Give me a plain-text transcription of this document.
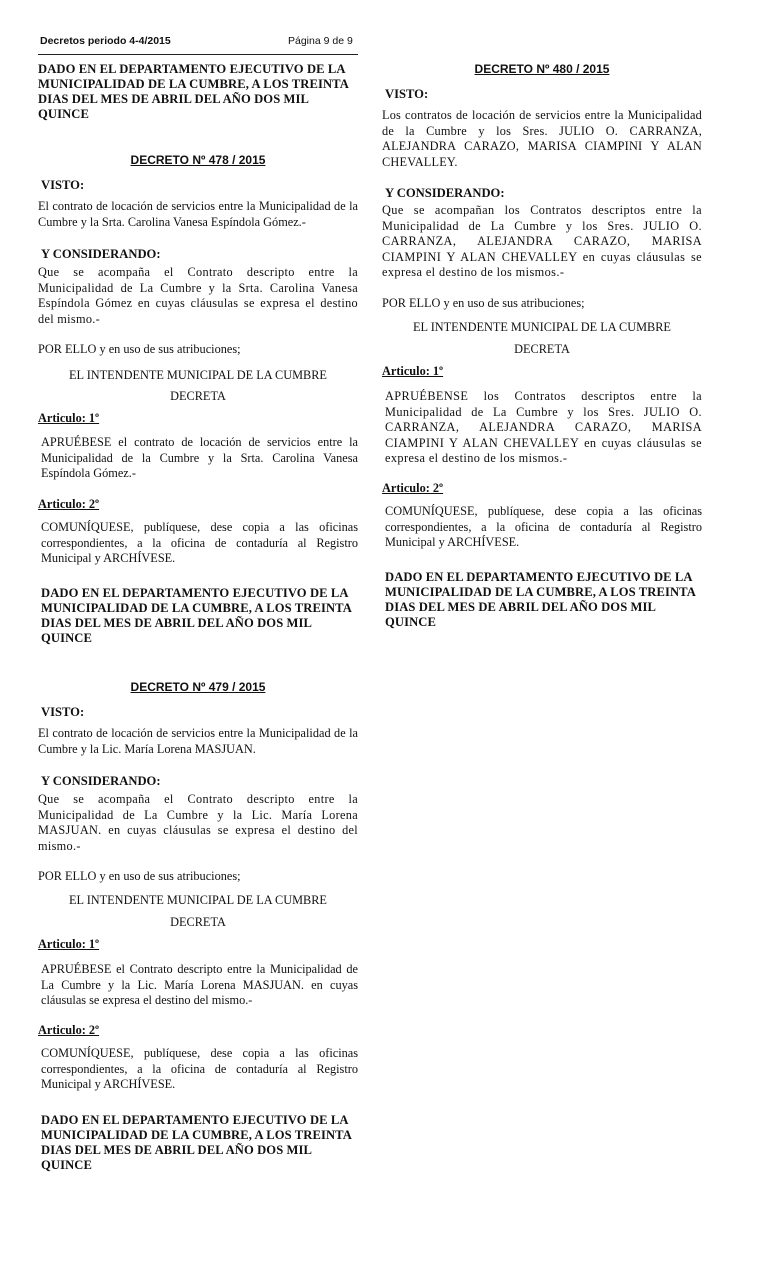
Decretos periodo 4-4/2015	Página 9 de 9
DADO EN EL DEPARTAMENTO EJECUTIVO DE LA MUNICIPALIDAD DE LA CUMBRE, A LOS TREINTA DIAS DEL MES DE ABRIL DEL AÑO DOS MIL QUINCE
DECRETO Nº 478 / 2015
VISTO:
El contrato de locación de servicios entre la Municipalidad de la Cumbre y la Srta. Carolina Vanesa Espíndola Gómez.-
Y CONSIDERANDO:
Que se acompaña el Contrato descripto entre la Municipalidad de La Cumbre y la Srta. Carolina Vanesa Espíndola Gómez en cuyas cláusulas se expresa el destino del mismo.-
POR ELLO y en uso de sus atribuciones;
EL INTENDENTE MUNICIPAL DE LA CUMBRE
DECRETA
Articulo: 1º
APRUÉBESE el contrato de locación de servicios entre la Municipalidad de la Cumbre y la Srta. Carolina Vanesa Espíndola Gómez.-
Articulo: 2º
COMUNÍQUESE, publíquese, dese copia a las oficinas correspondientes, a la oficina de contaduría al Registro Municipal y ARCHÍVESE.
DADO EN EL DEPARTAMENTO EJECUTIVO DE LA MUNICIPALIDAD DE LA CUMBRE, A LOS TREINTA DIAS DEL MES DE ABRIL DEL AÑO DOS MIL QUINCE
DECRETO Nº 479 / 2015
VISTO:
El contrato de locación de servicios entre la Municipalidad de la Cumbre y la Lic. María Lorena MASJUAN.
Y CONSIDERANDO:
Que se acompaña el Contrato descripto entre la Municipalidad de La Cumbre y la Lic. María Lorena MASJUAN. en cuyas cláusulas se expresa el destino del mismo.-
POR ELLO y en uso de sus atribuciones;
EL INTENDENTE MUNICIPAL DE LA CUMBRE
DECRETA
Articulo: 1º
APRUÉBESE el Contrato descripto entre la Municipalidad de La Cumbre y la Lic. María Lorena MASJUAN. en cuyas cláusulas se expresa el destino del mismo.-
Articulo: 2º
COMUNÍQUESE, publíquese, dese copia a las oficinas correspondientes, a la oficina de contaduría al Registro Municipal y ARCHÍVESE.
DADO EN EL DEPARTAMENTO EJECUTIVO DE LA MUNICIPALIDAD DE LA CUMBRE, A LOS TREINTA DIAS DEL MES DE ABRIL DEL AÑO DOS MIL QUINCE
DECRETO Nº 480 / 2015
VISTO:
Los contratos de locación de servicios entre la Municipalidad de la Cumbre y los Sres. JULIO O. CARRANZA, ALEJANDRA CARAZO, MARISA CIAMPINI Y ALAN CHEVALLEY.
Y CONSIDERANDO:
Que se acompañan los Contratos descriptos entre la Municipalidad de La Cumbre y los Sres. JULIO O. CARRANZA, ALEJANDRA CARAZO, MARISA CIAMPINI Y ALAN CHEVALLEY en cuyas cláusulas se expresa el destino de los mismos.-
POR ELLO y en uso de sus atribuciones;
EL INTENDENTE MUNICIPAL DE LA CUMBRE
DECRETA
Articulo: 1º
APRUÉBENSE los Contratos descriptos entre la Municipalidad de La Cumbre y los Sres. JULIO O. CARRANZA, ALEJANDRA CARAZO, MARISA CIAMPINI Y ALAN CHEVALLEY en cuyas cláusulas se expresa el destino de los mismos.-
Articulo: 2º
COMUNÍQUESE, publíquese, dese copia a las oficinas correspondientes, a la oficina de contaduría al Registro Municipal y ARCHÍVESE.
DADO EN EL DEPARTAMENTO EJECUTIVO DE LA MUNICIPALIDAD DE LA CUMBRE, A LOS TREINTA DIAS DEL MES DE ABRIL DEL AÑO DOS MIL QUINCE
